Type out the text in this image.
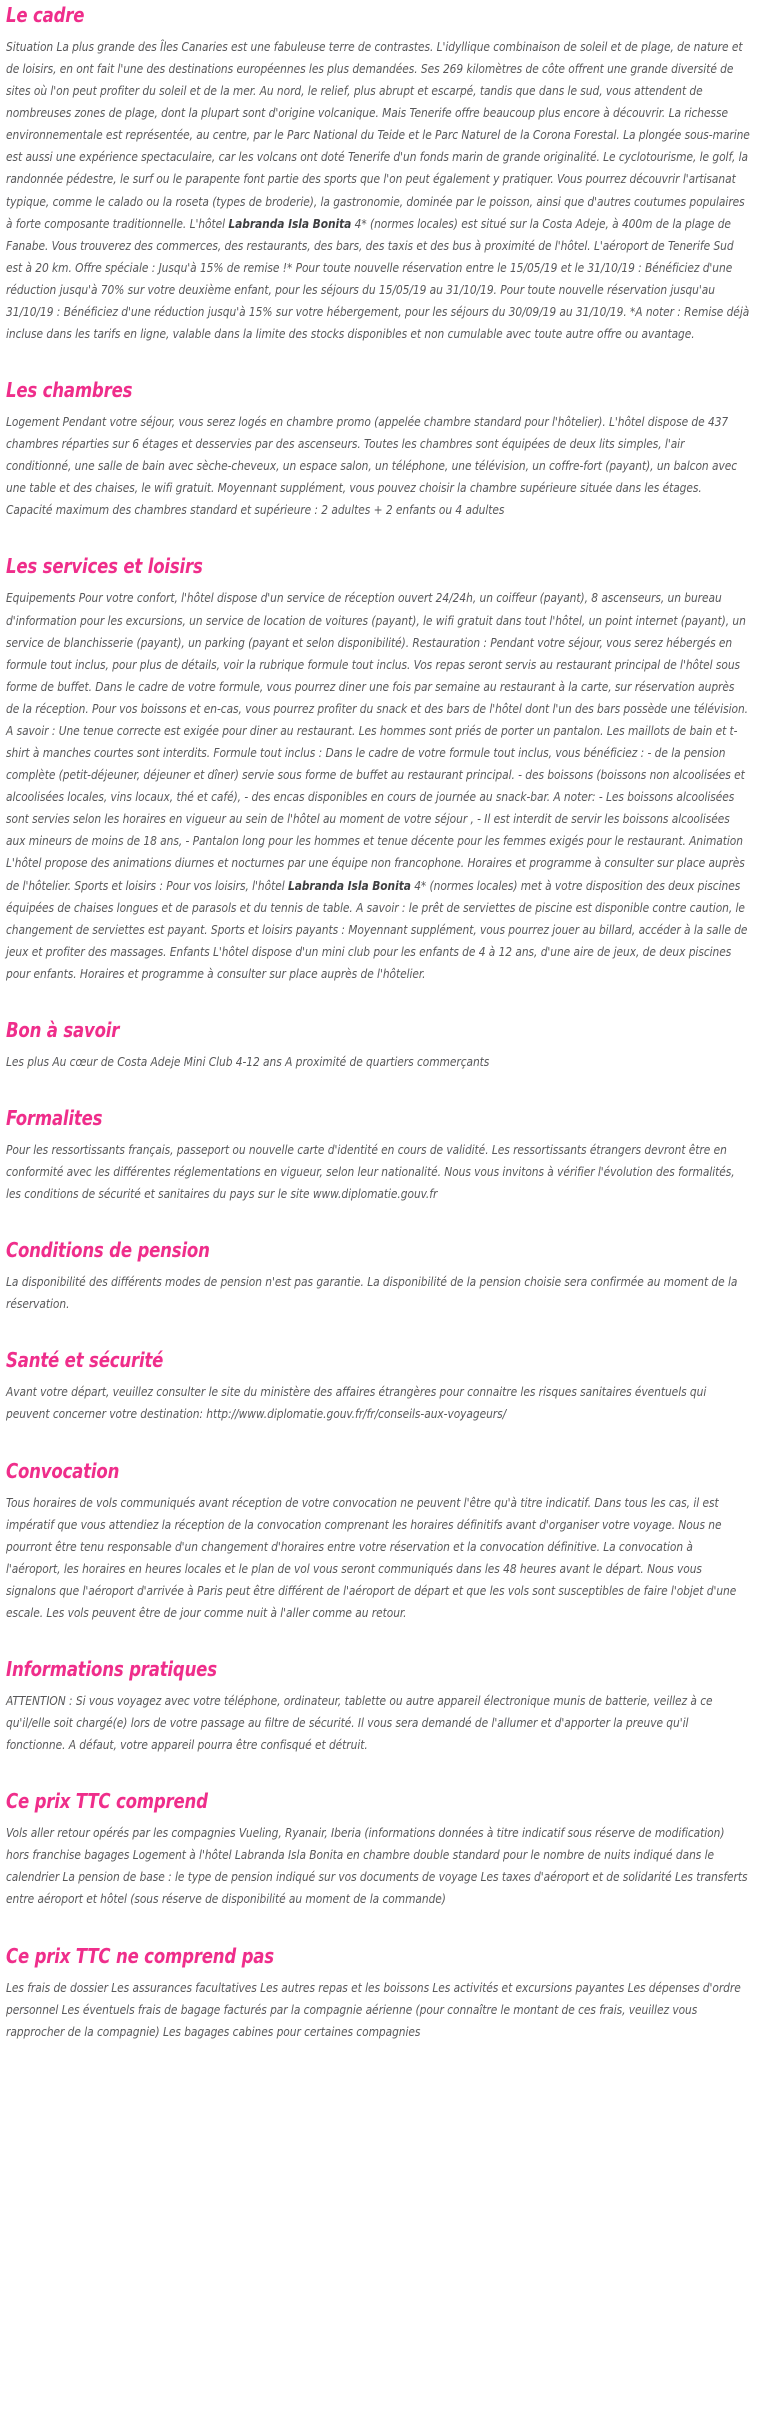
Le cadre

Situation La plus grande des Îles Canaries est une fabuleuse terre de contrastes. L'idyllique combinaison de soleil et de plage, de nature et de loisirs, en ont fait l'une des destinations européennes les plus demandées. Ses 269 kilomètres de côte offrent une grande diversité de sites où l'on peut profiter du soleil et de la mer. Au nord, le relief, plus abrupt et escarpé, tandis que dans le sud, vous attendent de nombreuses zones de plage, dont la plupart sont d'origine volcanique. Mais Tenerife offre beaucoup plus encore à découvrir. La richesse environnementale est représentée, au centre, par le Parc National du Teide et le Parc Naturel de la Corona Forestal. La plongée sous-marine est aussi une expérience spectaculaire, car les volcans ont doté Tenerife d'un fonds marin de grande originalité. Le cyclotourisme, le golf, la randonnée pédestre, le surf ou le parapente font partie des sports que l'on peut également y pratiquer. Vous pourrez découvrir l'artisanat typique, comme le calado ou la roseta (types de broderie), la gastronomie, dominée par le poisson, ainsi que d'autres coutumes populaires à forte composante traditionnelle. L'hôtel Labranda Isla Bonita 4* (normes locales) est situé sur la Costa Adeje, à 400m de la plage de Fanabe. Vous trouverez des commerces, des restaurants, des bars, des taxis et des bus à proximité de l'hôtel. L'aéroport de Tenerife Sud est à 20 km. Offre spéciale : Jusqu'à 15% de remise !* Pour toute nouvelle réservation entre le 15/05/19 et le 31/10/19 : Bénéficiez d'une réduction jusqu'à 70% sur votre deuxième enfant, pour les séjours du 15/05/19 au 31/10/19. Pour toute nouvelle réservation jusqu'au 31/10/19 : Bénéficiez d'une réduction jusqu'à 15% sur votre hébergement, pour les séjours du 30/09/19 au 31/10/19. *A noter : Remise déjà incluse dans les tarifs en ligne, valable dans la limite des stocks disponibles et non cumulable avec toute autre offre ou avantage.

Les chambres

Logement Pendant votre séjour, vous serez logés en chambre promo (appelée chambre standard pour l'hôtelier). L'hôtel dispose de 437 chambres réparties sur 6 étages et desservies par des ascenseurs. Toutes les chambres sont équipées de deux lits simples, l'air conditionné, une salle de bain avec sèche-cheveux, un espace salon, un téléphone, une télévision, un coffre-fort (payant), un balcon avec une table et des chaises, le wifi gratuit. Moyennant supplément, vous pouvez choisir la chambre supérieure située dans les étages. Capacité maximum des chambres standard et supérieure : 2 adultes + 2 enfants ou 4 adultes

Les services et loisirs

Equipements Pour votre confort, l'hôtel dispose d'un service de réception ouvert 24/24h, un coiffeur (payant), 8 ascenseurs, un bureau d'information pour les excursions, un service de location de voitures (payant), le wifi gratuit dans tout l'hôtel, un point internet (payant), un service de blanchisserie (payant), un parking (payant et selon disponibilité). Restauration : Pendant votre séjour, vous serez hébergés en formule tout inclus, pour plus de détails, voir la rubrique formule tout inclus. Vos repas seront servis au restaurant principal de l'hôtel sous forme de buffet. Dans le cadre de votre formule, vous pourrez diner une fois par semaine au restaurant à la carte, sur réservation auprès de la réception. Pour vos boissons et en-cas, vous pourrez profiter du snack et des bars de l'hôtel dont l'un des bars possède une télévision. A savoir : Une tenue correcte est exigée pour diner au restaurant. Les hommes sont priés de porter un pantalon. Les maillots de bain et t-shirt à manches courtes sont interdits. Formule tout inclus : Dans le cadre de votre formule tout inclus, vous bénéficiez : - de la pension complète (petit-déjeuner, déjeuner et dîner) servie sous forme de buffet au restaurant principal. - des boissons (boissons non alcoolisées et alcoolisées locales, vins locaux, thé et café), - des encas disponibles en cours de journée au snack-bar. A noter: - Les boissons alcoolisées sont servies selon les horaires en vigueur au sein de l'hôtel au moment de votre séjour , - Il est interdit de servir les boissons alcoolisées aux mineurs de moins de 18 ans, - Pantalon long pour les hommes et tenue décente pour les femmes exigés pour le restaurant. Animation L'hôtel propose des animations diurnes et nocturnes par une équipe non francophone. Horaires et programme à consulter sur place auprès de l'hôtelier. Sports et loisirs : Pour vos loisirs, l'hôtel Labranda Isla Bonita 4* (normes locales) met à votre disposition des deux piscines équipées de chaises longues et de parasols et du tennis de table. A savoir : le prêt de serviettes de piscine est disponible contre caution, le changement de serviettes est payant. Sports et loisirs payants : Moyennant supplément, vous pourrez jouer au billard, accéder à la salle de jeux et profiter des massages. Enfants L'hôtel dispose d'un mini club pour les enfants de 4 à 12 ans, d'une aire de jeux, de deux piscines pour enfants. Horaires et programme à consulter sur place auprès de l'hôtelier.

Bon à savoir

Les plus Au cœur de Costa Adeje Mini Club 4-12 ans A proximité de quartiers commerçants

Formalites

Pour les ressortissants français, passeport ou nouvelle carte d'identité en cours de validité. Les ressortissants étrangers devront être en conformité avec les différentes réglementations en vigueur, selon leur nationalité. Nous vous invitons à vérifier l'évolution des formalités, les conditions de sécurité et sanitaires du pays sur le site www.diplomatie.gouv.fr

Conditions de pension

La disponibilité des différents modes de pension n'est pas garantie. La disponibilité de la pension choisie sera confirmée au moment de la réservation.

Santé et sécurité

Avant votre départ, veuillez consulter le site du ministère des affaires étrangères pour connaitre les risques sanitaires éventuels qui peuvent concerner votre destination: http://www.diplomatie.gouv.fr/fr/conseils-aux-voyageurs/

Convocation

Tous horaires de vols communiqués avant réception de votre convocation ne peuvent l'être qu'à titre indicatif. Dans tous les cas, il est impératif que vous attendiez la réception de la convocation comprenant les horaires définitifs avant d'organiser votre voyage. Nous ne pourront être tenu responsable d'un changement d'horaires entre votre réservation et la convocation définitive. La convocation à l'aéroport, les horaires en heures locales et le plan de vol vous seront communiqués dans les 48 heures avant le départ. Nous vous signalons que l'aéroport d'arrivée à Paris peut être différent de l'aéroport de départ et que les vols sont susceptibles de faire l'objet d'une escale. Les vols peuvent être de jour comme nuit à l'aller comme au retour.

Informations pratiques

ATTENTION : Si vous voyagez avec votre téléphone, ordinateur, tablette ou autre appareil électronique munis de batterie, veillez à ce qu'il/elle soit chargé(e) lors de votre passage au filtre de sécurité. Il vous sera demandé de l'allumer et d'apporter la preuve qu'il fonctionne. A défaut, votre appareil pourra être confisqué et détruit.

Ce prix TTC comprend

Vols aller retour opérés par les compagnies Vueling, Ryanair, Iberia (informations données à titre indicatif sous réserve de modification) hors franchise bagages Logement à l'hôtel Labranda Isla Bonita en chambre double standard pour le nombre de nuits indiqué dans le calendrier La pension de base : le type de pension indiqué sur vos documents de voyage Les taxes d'aéroport et de solidarité Les transferts entre aéroport et hôtel (sous réserve de disponibilité au moment de la commande)

Ce prix TTC ne comprend pas

Les frais de dossier Les assurances facultatives Les autres repas et les boissons Les activités et excursions payantes Les dépenses d'ordre personnel Les éventuels frais de bagage facturés par la compagnie aérienne (pour connaître le montant de ces frais, veuillez vous rapprocher de la compagnie) Les bagages cabines pour certaines compagnies
